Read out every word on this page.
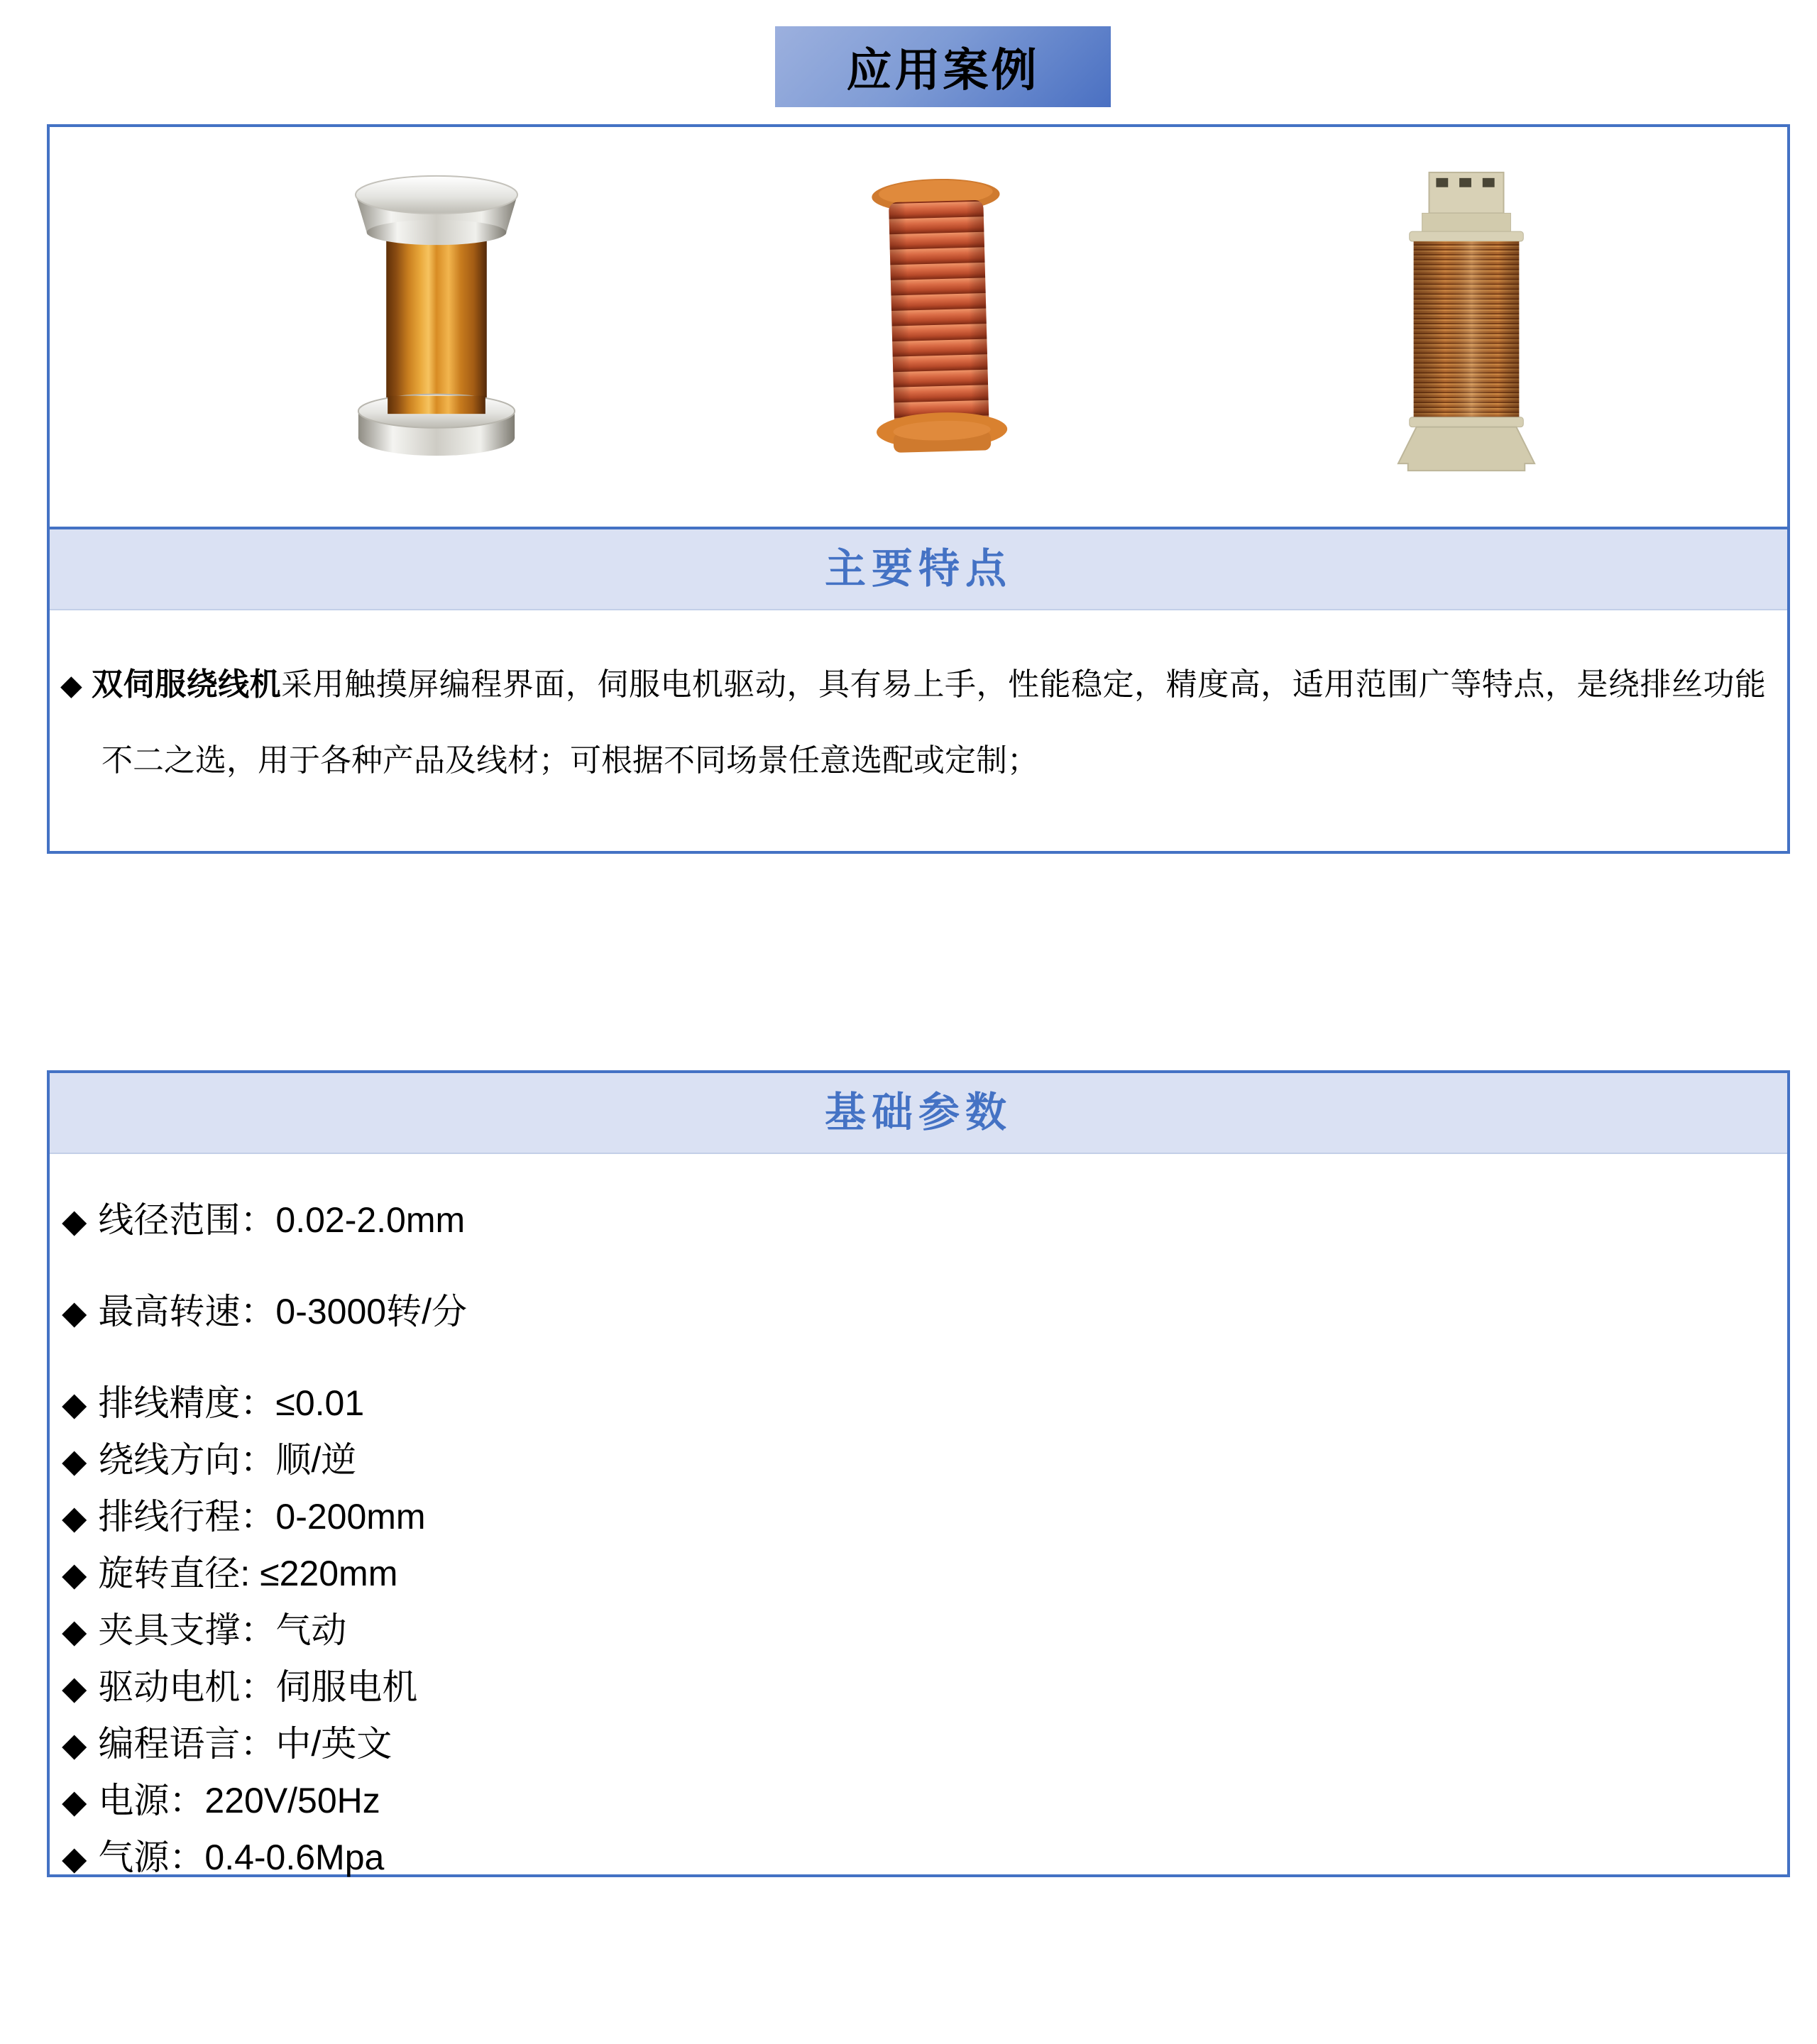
应用案例
主要特点

◆ 双伺服绕线机采用触摸屏编程界面，伺服电机驱动，具有易上手，性能稳定，精度高，适用范围广等特点，是绕排丝功能不二之选，用于各种产品及线材；可根据不同场景任意选配或定制；

基础参数
◆ 线径范围：0.02-2.0mm
◆ 最高转速：0-3000转/分
◆ 排线精度：≤0.01
◆ 绕线方向：顺/逆
◆ 排线行程：0-200mm
◆ 旋转直径: ≤220mm
◆ 夹具支撑：气动
◆ 驱动电机：伺服电机
◆ 编程语言：中/英文
◆ 电源：220V/50Hz
◆ 气源：0.4-0.6Mpa
